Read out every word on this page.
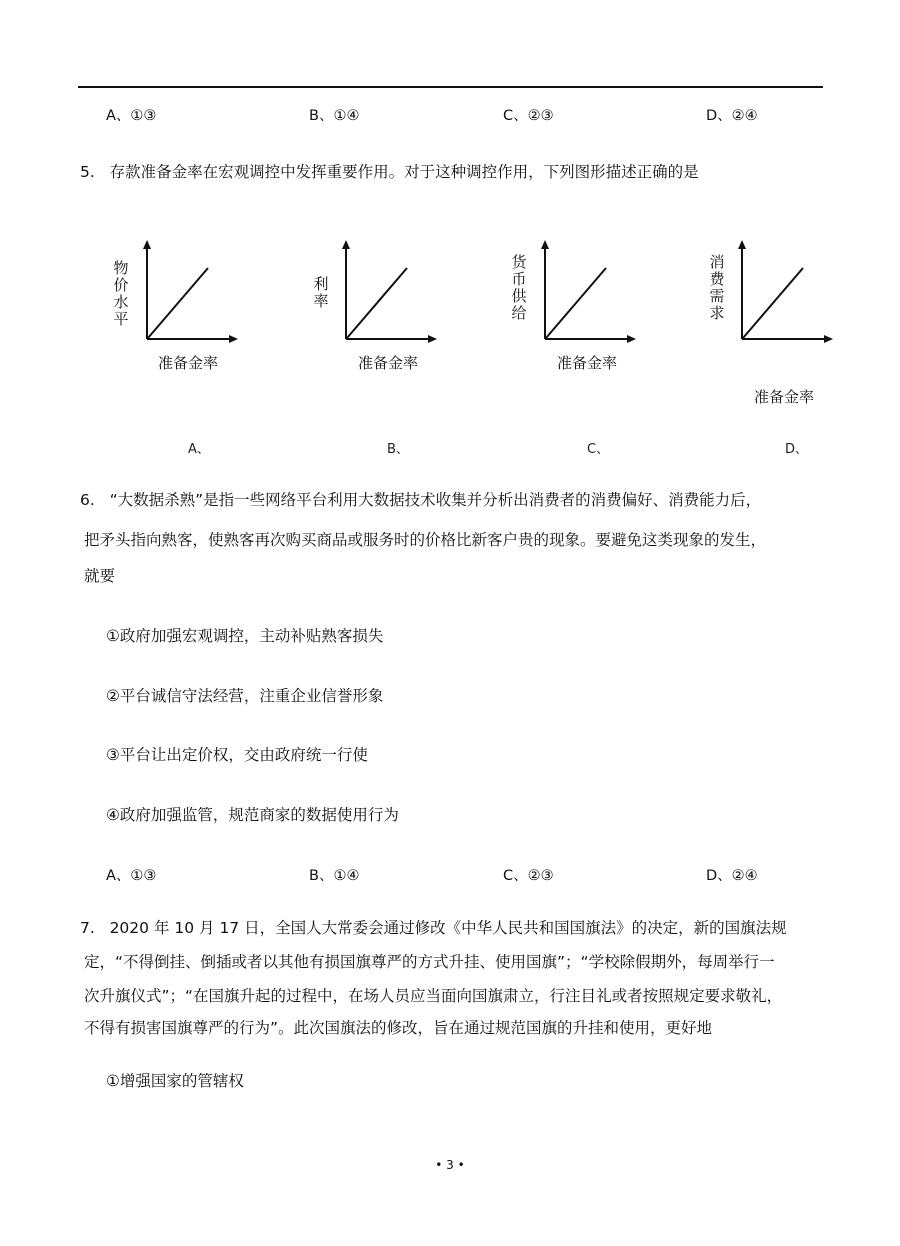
A、①③	B、①④	C、②③	D、②④
5.   存款准备金率在宏观调控中发挥重要作用。对于这种调控作用，下列图形描述正确的是
物价水平
准备金率
A、
利率
准备金率
B、
货币供给
准备金率
C、
消费需求
准备金率
D、
6.   “大数据杀熟”是指一些网络平台利用大数据技术收集并分析出消费者的消费偏好、消费能力后，
把矛头指向熟客，使熟客再次购买商品或服务时的价格比新客户贵的现象。要避免这类现象的发生，
就要
①政府加强宏观调控，主动补贴熟客损失
②平台诚信守法经营，注重企业信誉形象
③平台让出定价权，交由政府统一行使
④政府加强监管，规范商家的数据使用行为
A、①③	B、①④	C、②③	D、②④
7.   2020 年 10 月 17 日，全国人大常委会通过修改《中华人民共和国国旗法》的决定，新的国旗法规
定，“不得倒挂、倒插或者以其他有损国旗尊严的方式升挂、使用国旗”；“学校除假期外，每周举行一
次升旗仪式”；“在国旗升起的过程中，在场人员应当面向国旗肃立，行注目礼或者按照规定要求敬礼，
不得有损害国旗尊严的行为”。此次国旗法的修改，旨在通过规范国旗的升挂和使用，更好地
①增强国家的管辖权
• 3 •
